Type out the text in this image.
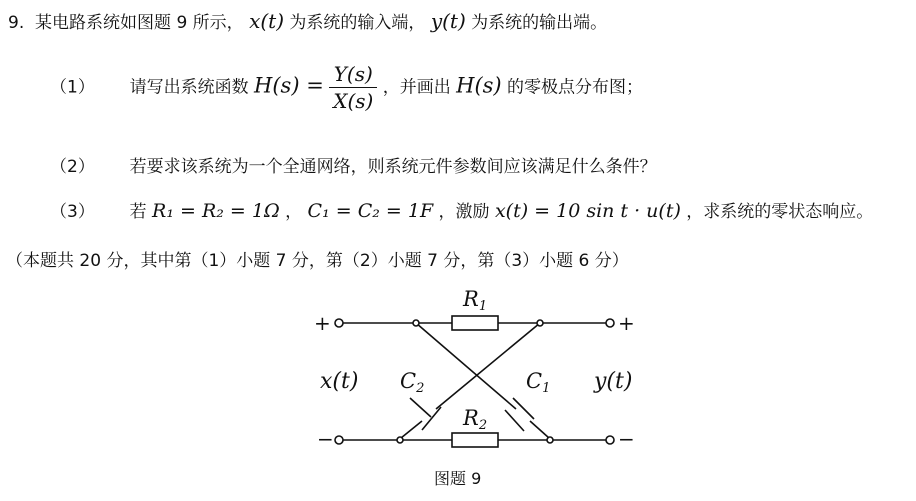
9. 某电路系统如图题 9 所示， x(t) 为系统的输入端， y(t) 为系统的输出端。
（1） 请写出系统函数 $H(s) = \frac{Y(s)}{X(s)}$ ，并画出 H(s) 的零极点分布图；
（2） 若要求该系统为一个全通网络，则系统元件参数间应该满足什么条件？
（3） 若 R₁ = R₂ = 1Ω ， C₁ = C₂ = 1F ，激励 x(t) = 10 sin t · u(t) ，求系统的零状态响应。
（本题共 20 分，其中第（1）小题 7 分，第（2）小题 7 分，第（3）小题 6 分）
+	+
−	−
x(t)	y(t)
R1
R2
C2	C1
图题 9
